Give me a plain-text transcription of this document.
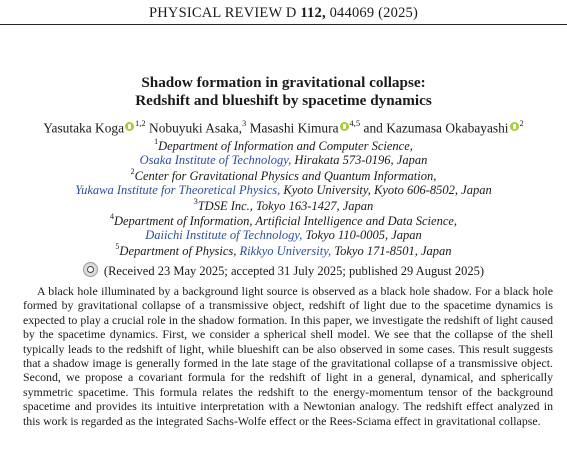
PHYSICAL REVIEW D 112, 044069 (2025)
Shadow formation in gravitational collapse:
Redshift and blueshift by spacetime dynamics
Yasutaka Koga $^{1,2}$ Nobuyuki Asaka,$^3$ Masashi Kimura $^{4,5}$ and Kazumasa Okabayashi $^2$
$^1$Department of Information and Computer Science,
Osaka Institute of Technology, Hirakata 573-0196, Japan
$^2$Center for Gravitational Physics and Quantum Information,
Yukawa Institute for Theoretical Physics, Kyoto University, Kyoto 606-8502, Japan
$^3$TDSE Inc., Tokyo 163-1427, Japan
$^4$Department of Information, Artificial Intelligence and Data Science,
Daiichi Institute of Technology, Tokyo 110-0005, Japan
$^5$Department of Physics, Rikkyo University, Tokyo 171-8501, Japan
(Received 23 May 2025; accepted 31 July 2025; published 29 August 2025)

A black hole illuminated by a background light source is observed as a black hole shadow. For a black hole formed by gravitational collapse of a transmissive object, redshift of light due to the spacetime dynamics is expected to play a crucial role in the shadow formation. In this paper, we investigate the redshift of light caused by the spacetime dynamics. First, we consider a spherical shell model. We see that the collapse of the shell typically leads to the redshift of light, while blueshift can be also observed in some cases. This result suggests that a shadow image is generally formed in the late stage of the gravitational collapse of a transmissive object. Second, we propose a covariant formula for the redshift of light in a general, dynamical, and spherically symmetric spacetime. This formula relates the redshift to the energy-momentum tensor of the background spacetime and provides its intuitive interpretation with a Newtonian analogy. The redshift effect analyzed in this work is regarded as the integrated Sachs-Wolfe effect or the Rees-Sciama effect in gravitational collapse.
